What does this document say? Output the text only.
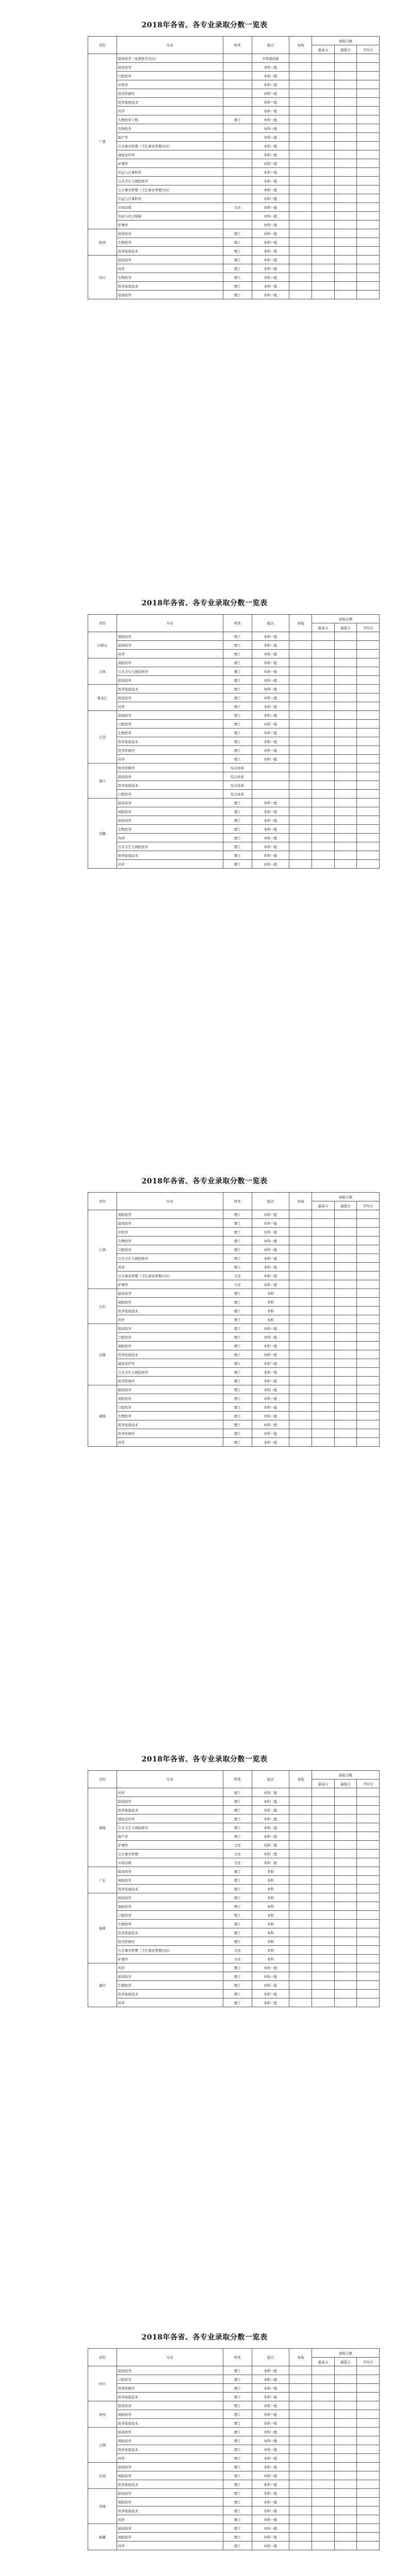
2018年各省、各专业录取分数一览表
省份	专业	科类	批次	本线	录取分数		
					最高分	最低分	平均分
广西	临床医学（免费医学定向）		专科提前批				
	临床医学		本科一批				
	口腔医学		本科一批				
	中医学		本科一批				
	医学影像学		本科一批				
	医学检验技术		本科一批				
	药学		本科一批				
	生物医学工程	理工	本科一批				
	生物医学		本科一批				
	助产学		本科一批				
	公共事业管理（卫生事业管理方向）		本科一批				
	康复治疗学		本科一批				
	护理学		本科一批				
	信息与计算科学		本科一批				
	公共卫生与预防医学		本科一批				
	公共事业管理（卫生事业管理方向）		本科一批				
	信息与计算科学		本科一批				
	市场营销	文史	本科一批				
	劳动与社会保障		本科一批				
	护理学		本科一批				
陕西	临床医学	理工	本科一批				
	生物医学	理工	本科一批				
	医学检验技术	理工	本科一批				
四川	临床医学	理工	本科一批				
	药学	理工	本科一批				
	生物医学	理工	本科一批				
	医学检验技术	理工	本科一批				
	临床医学	理工	本科一批				
2018年各省、各专业录取分数一览表
省份	专业	科类	批次	本线	录取分数		
					最高分	最低分	平均分
内蒙古	预防医学	理工	本科一批				
	临床医学	理工	本科一批				
	药学	理工	本科一批				
吉林	预防医学	理工	本科一批				
	公共卫生与预防医学	理工	本科一批				
	临床医学	理工	本科一批				
黑龙江	医学检验技术	理工	本科一批				
	临床医学	理工	本科一批				
	药学	理工	本科一批				
江苏	临床医学	理工	本科一批				
	口腔医学	理工	本科一批				
	生物医学	理工	本科一批				
	医学检验技术	理工	本科一批				
	医学影像学	理工	本科一批				
	药学	理工	本科一批				
浙江	医学影像学	综合改革					
	临床医学	综合改革					
	医学检验技术	综合改革					
	口腔医学	综合改革					
安徽	临床医学	理工	本科一批				
	预防医学	理工	本科一批				
	临床药学	理工	本科一批				
	生物医学	理工	本科一批				
	药学	理工	本科一批				
	公共卫生与预防医学	理工	本科一批				
	医学检验技术	理工	本科一批				
	药学	理工	本科一批				
2018年各省、各专业录取分数一览表
省份	专业	科类	批次	本线	录取分数		
					最高分	最低分	平均分
江西	预防医学	理工	本科一批				
	临床医学	理工	本科一批				
	中医学	理工	本科一批				
	生物医学	理工	本科一批				
	口腔医学	理工	本科一批				
	公共卫生与预防医学	理工	本科一批				
	药学	理工	本科一批				
	公共事业管理（卫生事业管理方向）	文史	本科一批				
	护理学	文史	本科一批				
山东	临床医学	理工	本科				
	预防医学	理工	本科				
	医学检验技术	理工	本科				
	药学	理工	本科				
河南	临床医学	理工	本科一批				
	口腔医学	理工	本科一批				
	预防医学	理工	本科一批				
	医学检验技术	理工	本科一批				
	康复治疗学	理工	本科一批				
	公共卫生与预防医学	理工	本科一批				
	医学影像学	理工	本科一批				
湖南	临床医学	理工	本科一批				
	预防医学	理工	本科一批				
	口腔医学	理工	本科一批				
	生物医学	理工	本科一批				
	医学检验技术	理工	本科一批				
	医学影像学	理工	本科一批				
	药学	理工	本科一批				
2018年各省、各专业录取分数一览表
省份	专业	科类	批次	本线	录取分数		
					最高分	最低分	平均分
湖南	药学	理工	本科二批				
	临床医学	理工	本科二批				
	医学检验技术	理工	本科二批				
	康复治疗学	理工	本科二批				
	公共卫生与预防医学	理工	本科二批				
	助产学	理工	本科二批				
	护理学	文史	本科二批				
	公共事业管理	文史	本科二批				
	市场营销	文史	本科二批				
广东	临床医学	理工	本科				
	预防医学	理工	本科				
	医学检验技术	理工	本科				
海南	临床医学	理工	本科				
	预防医学	理工	本科				
	口腔医学	理工	本科				
	生物医学	理工	本科				
	医学检验技术	理工	本科				
	医学影像学	理工	本科				
	公共事业管理（卫生事业管理方向）	文史	本科				
	护理学	文史	本科				
重庆	药学	理工	本科一批				
	临床医学	理工	本科一批				
	生物医学	理工	本科一批				
	医学检验技术	理工	本科一批				
	药学	理工	本科一批				
2018年各省、各专业录取分数一览表
省份	专业	科类	批次	本线	录取分数		
					最高分	最低分	平均分
四川	临床医学	理工	本科一批				
	口腔医学	理工	本科一批				
	医学影像学	理工	本科一批				
	医学检验技术	理工	本科一批				
贵州	临床医学	理工	本科一批				
	预防医学	理工	本科一批				
	医学检验技术	理工	本科一批				
云南	临床医学	理工	本科一批				
	预防医学	理工	本科一批				
	医学检验技术	理工	本科一批				
	药学	理工	本科一批				
甘肃	临床医学	理工	本科一批				
	预防医学	理工	本科一批				
	医学检验技术	理工	本科一批				
青海	临床医学	理工	本科一批				
	预防医学	理工	本科一批				
	医学检验技术	理工	本科一批				
	药学	理工	本科一批				
新疆	临床医学	理工	本科一批				
	预防医学	理工	本科一批				
	药学	理工	本科一批				
